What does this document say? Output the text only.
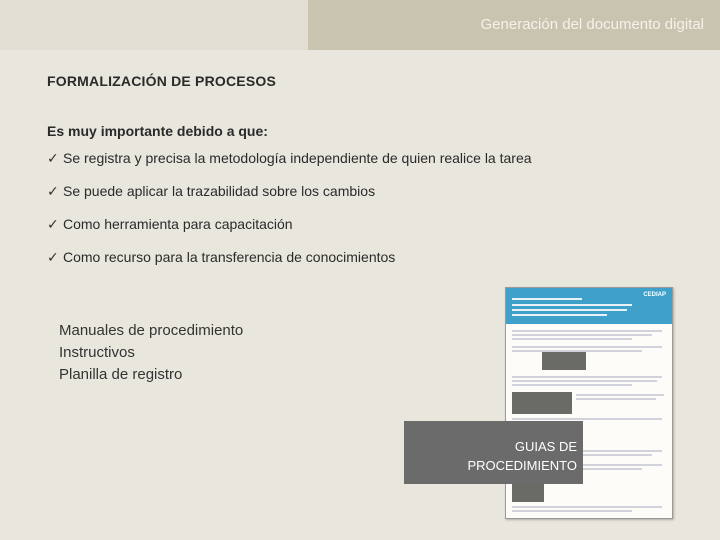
Generación del documento digital
FORMALIZACIÓN DE PROCESOS
Es muy importante debido a que:
✓ Se registra y precisa la metodología independiente de quien realice la tarea
✓ Se puede aplicar la trazabilidad sobre los cambios
✓ Como herramienta para capacitación
✓ Como recurso para la transferencia de conocimientos
Manuales de procedimiento
Instructivos
Planilla de registro
CEDIAP
GUIAS DE
PROCEDIMIENTO
